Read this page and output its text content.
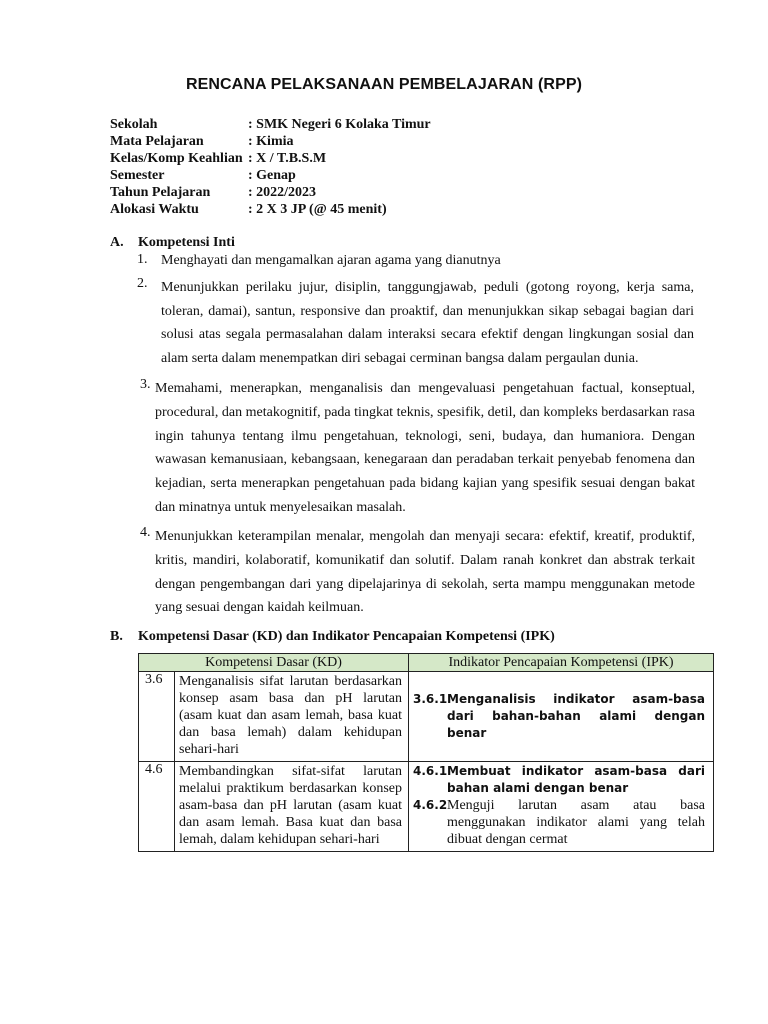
RENCANA PELAKSANAAN PEMBELAJARAN (RPP)
Sekolah	: SMK Negeri 6 Kolaka Timur
Mata Pelajaran	: Kimia
Kelas/Komp Keahlian : X / T.B.S.M
Semester	: Genap
Tahun Pelajaran	: 2022/2023
Alokasi Waktu	: 2 X 3 JP (@ 45 menit)
A. Kompetensi Inti
1. Menghayati dan mengamalkan ajaran agama yang dianutnya
2. Menunjukkan perilaku jujur, disiplin, tanggungjawab, peduli (gotong royong, kerja sama,
toleran, damai), santun, responsive dan proaktif, dan menunjukkan sikap sebagai bagian dari
solusi atas segala permasalahan dalam interaksi secara efektif dengan lingkungan sosial dan
alam serta dalam menempatkan diri sebagai cerminan bangsa dalam pergaulan dunia.
3. Memahami, menerapkan, menganalisis dan mengevaluasi pengetahuan factual, konseptual,
procedural, dan metakognitif, pada tingkat teknis, spesifik, detil, dan kompleks berdasarkan rasa
ingin tahunya tentang ilmu pengetahuan, teknologi, seni, budaya, dan humaniora. Dengan
wawasan kemanusiaan, kebangsaan, kenegaraan dan peradaban terkait penyebab fenomena dan
kejadian, serta menerapkan pengetahuan pada bidang kajian yang spesifik sesuai dengan bakat
dan minatnya untuk menyelesaikan masalah.
4. Menunjukkan keterampilan menalar, mengolah dan menyaji secara: efektif, kreatif, produktif,
kritis, mandiri, kolaboratif, komunikatif dan solutif. Dalam ranah konkret dan abstrak terkait
dengan pengembangan dari yang dipelajarinya di sekolah, serta mampu menggunakan metode
yang sesuai dengan kaidah keilmuan.
B. Kompetensi Dasar (KD) dan Indikator Pencapaian Kompetensi (IPK)
Kompetensi Dasar (KD)		Indikator Pencapaian Kompetensi (IPK)
3.6	Menganalisis sifat larutan berdasarkan konsep asam basa dan pH larutan (asam kuat dan asam lemah, basa kuat dan basa lemah) dalam kehidupan sehari-hari	3.6.1 Menganalisis indikator asam-basa dari bahan-bahan alami dengan benar

4.6	Membandingkan sifat-sifat larutan melalui praktikum berdasarkan konsep asam-basa dan pH larutan (asam kuat dan asam lemah. Basa kuat dan basa lemah, dalam kehidupan sehari-hari	4.6.1 Membuat indikator asam-basa dari bahan alami dengan benar
4.6.2 Menguji larutan asam atau basa menggunakan indikator alami yang telah dibuat dengan cermat
